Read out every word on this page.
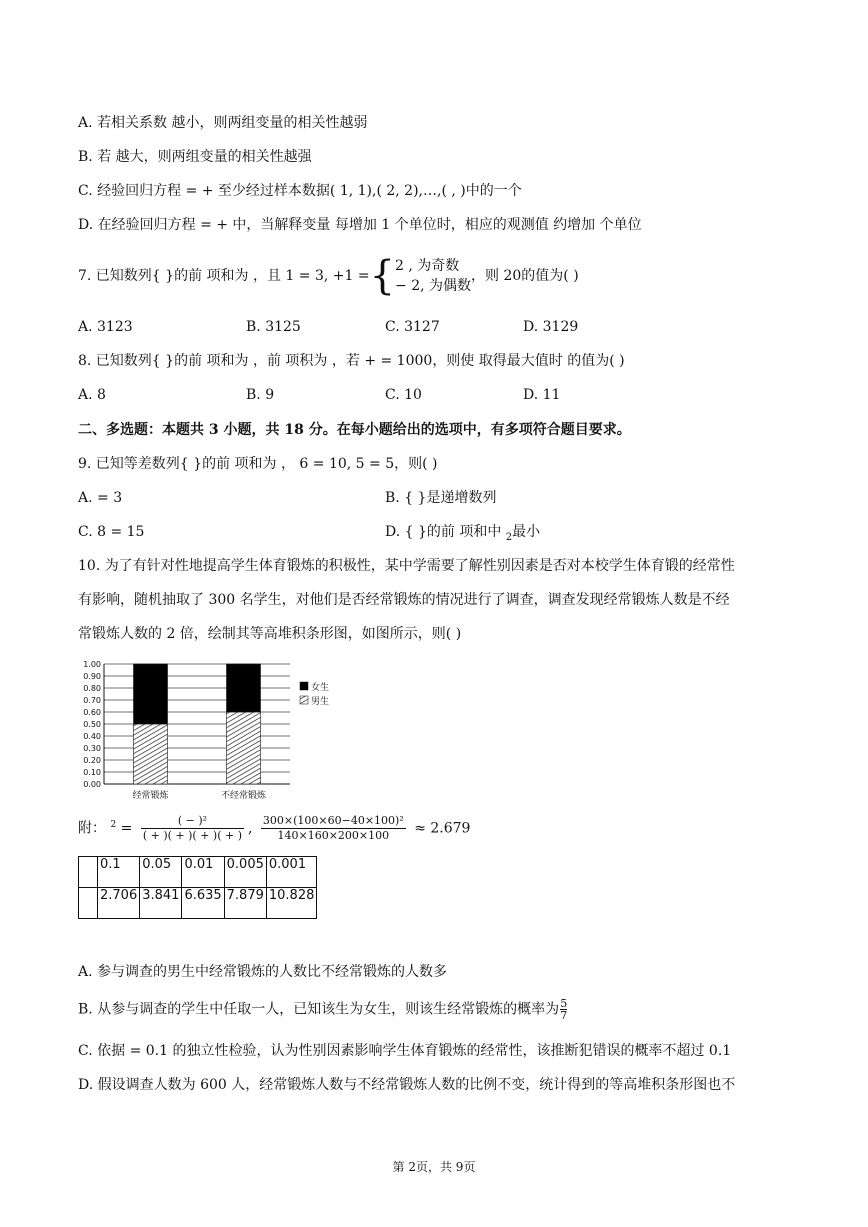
A. 若相关系数 越小，则两组变量的相关性越弱
B. 若 越大，则两组变量的相关性越强
C. 经验回归方程 = + 至少经过样本数据( 1, 1),( 2, 2),…,( , )中的一个
D. 在经验回归方程 = + 中，当解释变量 每增加 1 个单位时，相应的观测值 约增加 个单位
7. 已知数列{ }的前 项和为 ，且 1 = 3, +1 ={ 2 , 为奇数
− 2, 为偶数
，则 20的值为( )
A. 3123	B. 3125	C. 3127	D. 3129
8. 已知数列{ }的前 项和为 ，前 项积为 ，若 + = 1000，则使 取得最大值时 的值为( )
A. 8	B. 9	C. 10	D. 11
二、多选题：本题共 3 小题，共 18 分。在每小题给出的选项中，有多项符合题目要求。
9. 已知等差数列{ }的前 项和为 ， 6 = 10, 5 = 5，则( )
A. = 3	B. { }是递增数列
C. 8 = 15	D. { }的前 项和中 $_2$最小
10. 为了有针对性地提高学生体育锻炼的积极性，某中学需要了解性别因素是否对本校学生体育锻的经常性
有影响，随机抽取了 300 名学生，对他们是否经常锻炼的情况进行了调查，调查发现经常锻炼人数是不经
常锻炼人数的 2 倍，绘制其等高堆积条形图，如图所示，则( )
0.00
0.10
0.20
0.30
0.40
0.50
0.60
0.70
0.80
0.90
1.00
经常锻炼	不经常锻炼
女生
男生
附： $^2 = \frac{\text{( − )²}}{( + )( + )( + )( + )}$ , $\frac{\text{300×(100×60−40×100)²}}{140\times 160\times 200\times 100} \approx 2.679$
	0.1	0.05	0.01	0.005	0.001
	2.706	3.841	6.635	7.879	10.828
A. 参与调查的男生中经常锻炼的人数比不经常锻炼的人数多
B. 从参与调查的学生中任取一人，已知该生为女生，则该生经常锻炼的概率为 $\frac{5}{7}$
C. 依据 = 0.1 的独立性检验，认为性别因素影响学生体育锻炼的经常性，该推断犯错误的概率不超过 0.1
D. 假设调查人数为 600 人，经常锻炼人数与不经常锻炼人数的比例不变，统计得到的等高堆积条形图也不
第 2页，共 9页
